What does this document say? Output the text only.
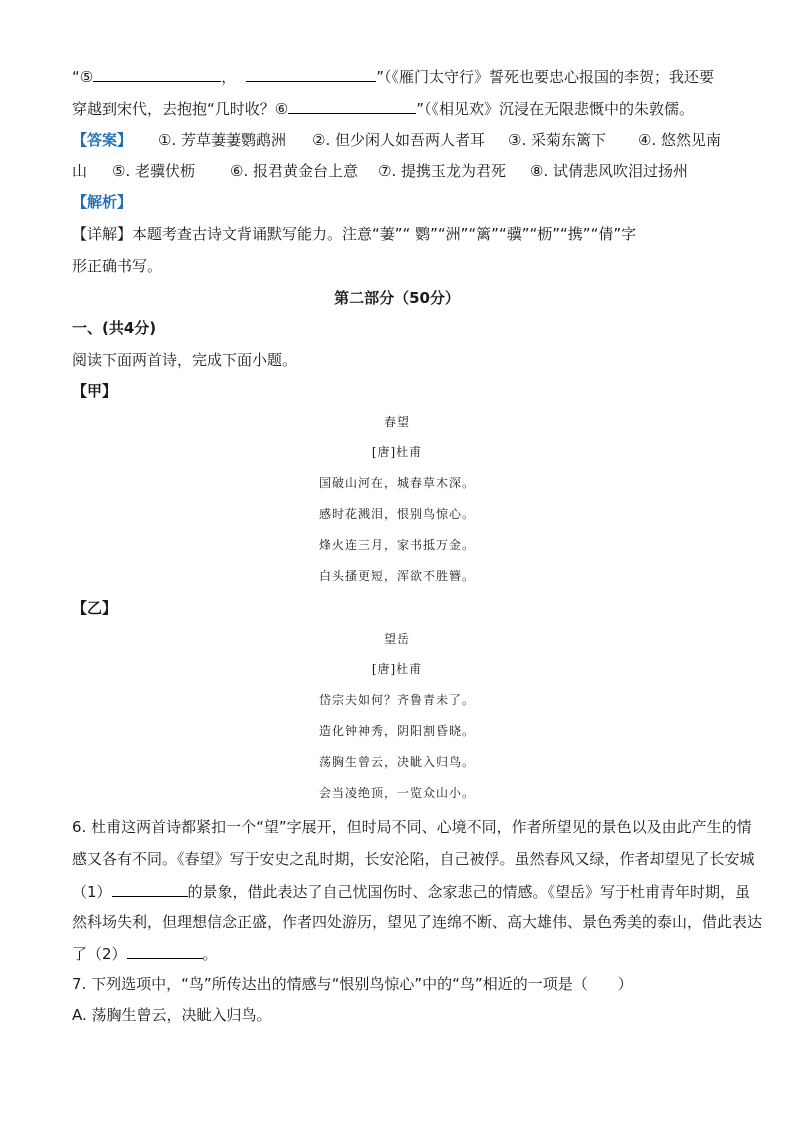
“⑤	，	”（《雁门太守行》誓死也要忠心报国的李贺；我还要
穿越到宋代，去抱抱“几时收？⑥	”（《相见欢》沉浸在无限悲慨中的朱敦儒。
【答案】 ①. 芳草萋萋鹦鹉洲 ②. 但少闲人如吾两人者耳 ③. 采菊东篱下 ④. 悠然见南
山 ⑤. 老骥伏枥 ⑥. 报君黄金台上意 ⑦. 提携玉龙为君死 ⑧. 试倩悲风吹泪过扬州
【解析】
【详解】本题考查古诗文背诵默写能力。注意“萋”“ 鹦”“洲”“篱”“骥”“枥”“携”“倩”字
形正确书写。
第二部分（50分）
一、(共4分)
阅读下面两首诗，完成下面小题。
【甲】
春望
[唐]杜甫
国破山河在，城春草木深。
感时花溅泪，恨别鸟惊心。
烽火连三月，家书抵万金。
白头搔更短，浑欲不胜簪。
【乙】
望岳
[唐]杜甫
岱宗夫如何？齐鲁青未了。
造化钟神秀，阴阳割昏晓。
荡胸生曾云，决眦入归鸟。
会当凌绝顶，一览众山小。
6. 杜甫这两首诗都紧扣一个“望”字展开，但时局不同、心境不同，作者所望见的景色以及由此产生的情
感又各有不同。《春望》写于安史之乱时期，长安沦陷，自己被俘。虽然春风又绿，作者却望见了长安城
（1）	的景象，借此表达了自己忧国伤时、念家悲己的情感。《望岳》写于杜甫青年时期，虽
然科场失利，但理想信念正盛，作者四处游历，望见了连绵不断、高大雄伟、景色秀美的泰山，借此表达
了（2）	。
7. 下列选项中，“鸟”所传达出的情感与“恨别鸟惊心”中的“鸟”相近的一项是（　　）
A. 荡胸生曾云，决眦入归鸟。
